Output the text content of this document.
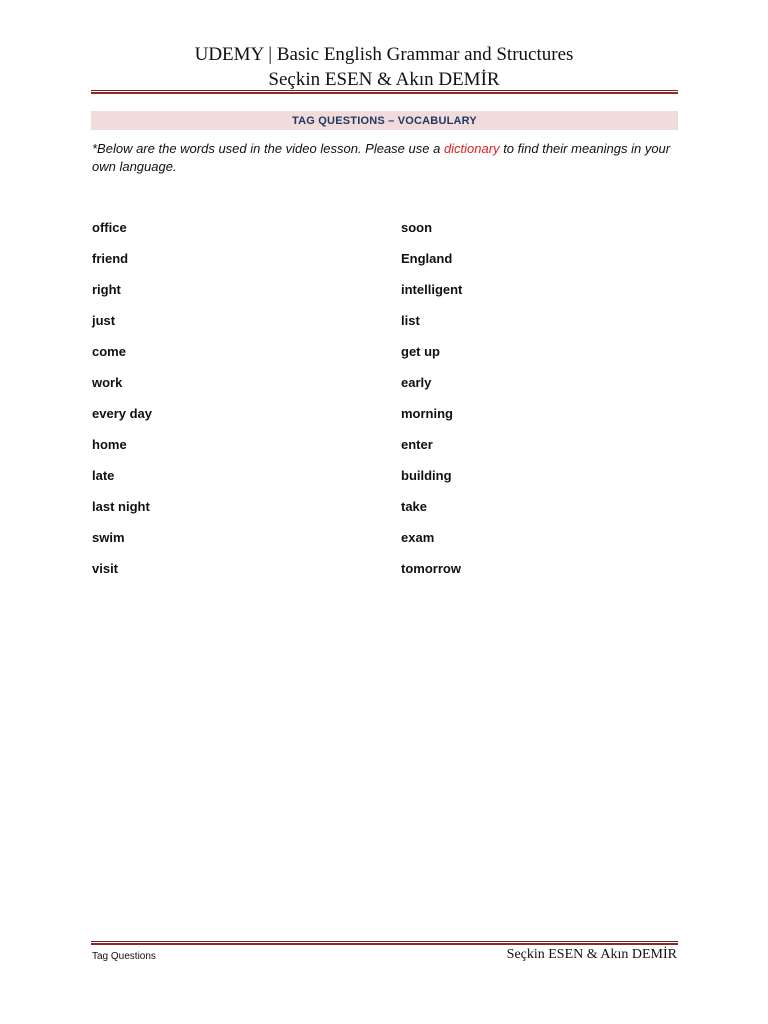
UDEMY | Basic English Grammar and Structures
Seçkin ESEN & Akın DEMİR
TAG QUESTIONS – VOCABULARY
*Below are the words used in the video lesson. Please use a dictionary to find their meanings in your own language.
office
friend
right
just
come
work
every day
home
late
last night
swim
visit
soon
England
intelligent
list
get up
early
morning
enter
building
take
exam
tomorrow
Tag Questions	Seçkin ESEN & Akın DEMİR
